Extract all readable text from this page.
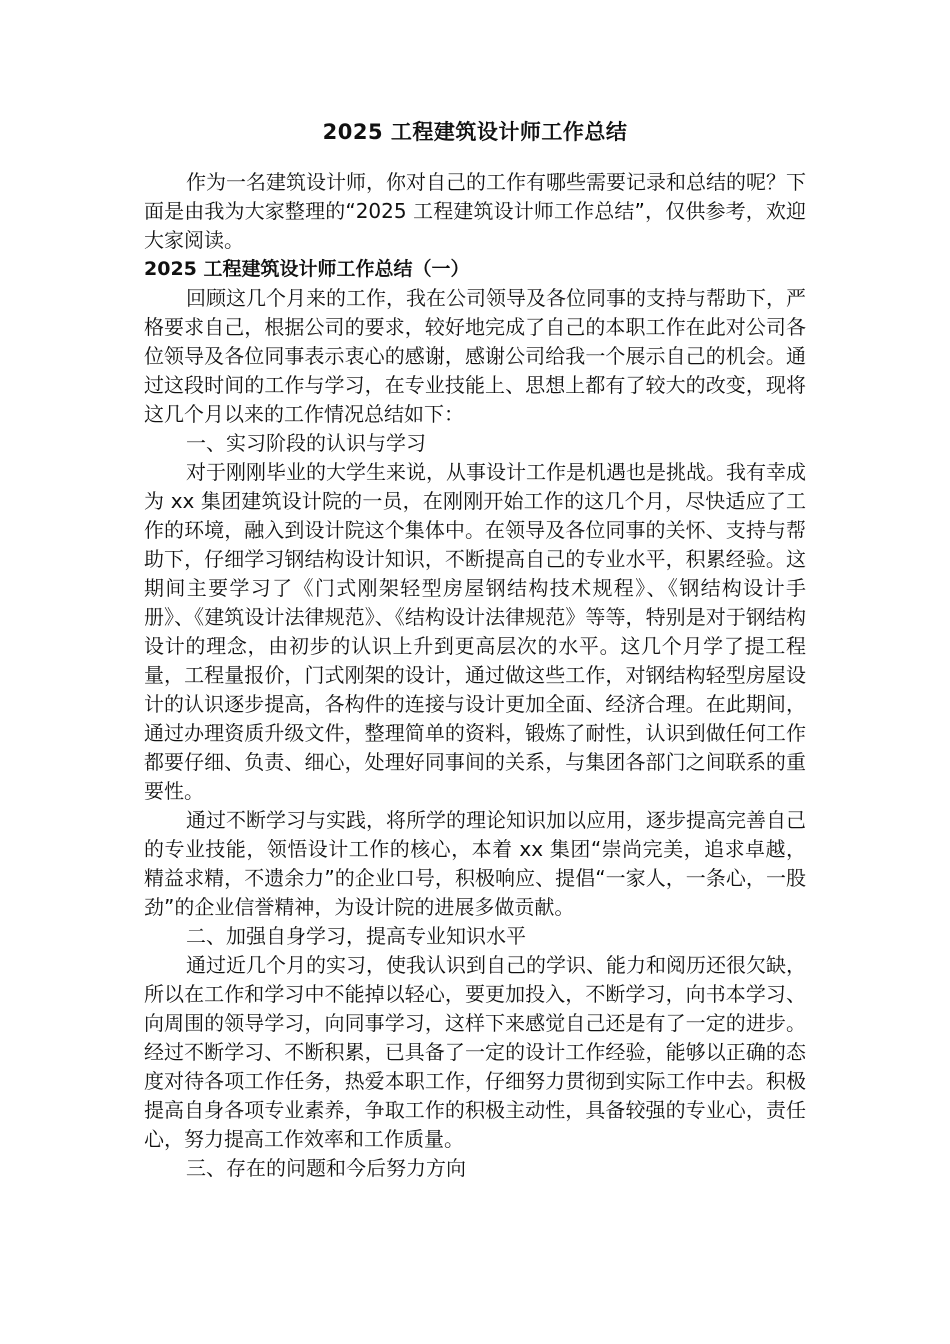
2025 工程建筑设计师工作总结

作为一名建筑设计师，你对自己的工作有哪些需要记录和总结的呢？下面是由我为大家整理的“2025 工程建筑设计师工作总结”，仅供参考，欢迎大家阅读。

2025 工程建筑设计师工作总结（一）

回顾这几个月来的工作，我在公司领导及各位同事的支持与帮助下，严格要求自己，根据公司的要求，较好地完成了自己的本职工作在此对公司各位领导及各位同事表示衷心的感谢，感谢公司给我一个展示自己的机会。通过这段时间的工作与学习，在专业技能上、思想上都有了较大的改变，现将这几个月以来的工作情况总结如下：

一、实习阶段的认识与学习

对于刚刚毕业的大学生来说，从事设计工作是机遇也是挑战。我有幸成为 xx 集团建筑设计院的一员，在刚刚开始工作的这几个月，尽快适应了工作的环境，融入到设计院这个集体中。在领导及各位同事的关怀、支持与帮助下，仔细学习钢结构设计知识，不断提高自己的专业水平，积累经验。这期间主要学习了《门式刚架轻型房屋钢结构技术规程》、《钢结构设计手册》、《建筑设计法律规范》、《结构设计法律规范》等等，特别是对于钢结构设计的理念，由初步的认识上升到更高层次的水平。这几个月学了提工程量，工程量报价，门式刚架的设计，通过做这些工作，对钢结构轻型房屋设计的认识逐步提高，各构件的连接与设计更加全面、经济合理。在此期间，通过办理资质升级文件，整理简单的资料，锻炼了耐性，认识到做任何工作都要仔细、负责、细心，处理好同事间的关系，与集团各部门之间联系的重要性。

通过不断学习与实践，将所学的理论知识加以应用，逐步提高完善自己的专业技能，领悟设计工作的核心，本着 xx 集团“崇尚完美，追求卓越，精益求精，不遗余力”的企业口号，积极响应、提倡“一家人，一条心，一股劲”的企业信誉精神，为设计院的进展多做贡献。

二、加强自身学习，提高专业知识水平

通过近几个月的实习，使我认识到自己的学识、能力和阅历还很欠缺，所以在工作和学习中不能掉以轻心，要更加投入，不断学习，向书本学习、向周围的领导学习，向同事学习，这样下来感觉自己还是有了一定的进步。经过不断学习、不断积累，已具备了一定的设计工作经验，能够以正确的态度对待各项工作任务，热爱本职工作，仔细努力贯彻到实际工作中去。积极提高自身各项专业素养，争取工作的积极主动性，具备较强的专业心，责任心，努力提高工作效率和工作质量。

三、存在的问题和今后努力方向
